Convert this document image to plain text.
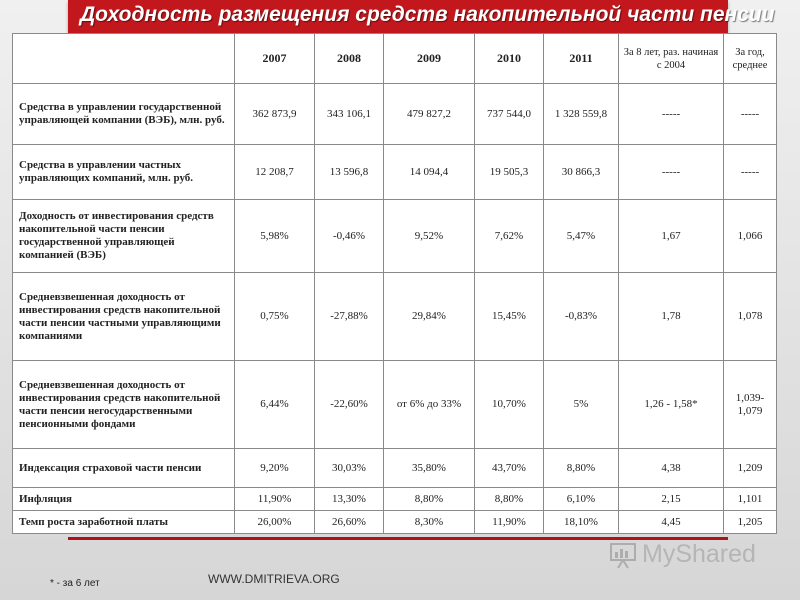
Доходность размещения средств накопительной части пенсии
	2007	2008	2009	2010	2011	За 8 лет, раз. начиная с 2004	За год, среднее
Средства в управлении государственной управляющей компании (ВЭБ), млн. руб.	362 873,9	343 106,1	479 827,2	737 544,0	1 328 559,8	-----	-----
Средства в управлении частных управляющих компаний, млн. руб.	12 208,7	13 596,8	14 094,4	19 505,3	30 866,3	-----	-----
Доходность от инвестирования средств накопительной части пенсии государственной управляющей компанией (ВЭБ)	5,98%	-0,46%	9,52%	7,62%	5,47%	1,67	1,066
Средневзвешенная доходность от инвестирования средств накопительной части пенсии частными управляющими компаниями	0,75%	-27,88%	29,84%	15,45%	-0,83%	1,78	1,078
Средневзвешенная доходность от инвестирования средств накопительной части пенсии негосударственными пенсионными фондами	6,44%	-22,60%	от 6% до 33%	10,70%	5%	1,26 - 1,58*	1,039-1,079
Индексация страховой части пенсии	9,20%	30,03%	35,80%	43,70%	8,80%	4,38	1,209
Инфляция	11,90%	13,30%	8,80%	8,80%	6,10%	2,15	1,101
Темп роста заработной платы	26,00%	26,60%	8,30%	11,90%	18,10%	4,45	1,205
MyShared
* - за 6 лет	WWW.DMITRIEVA.ORG
